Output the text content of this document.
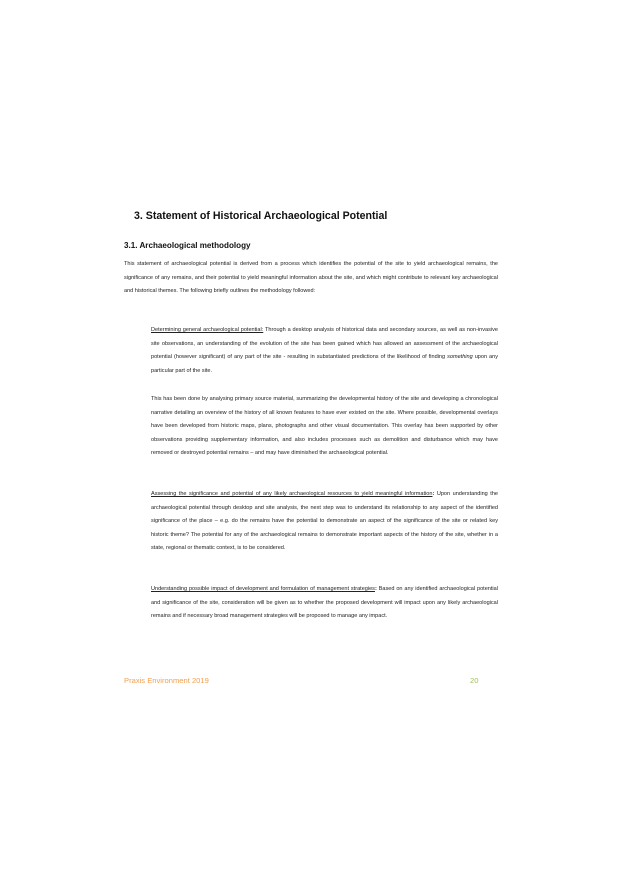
3. Statement of Historical Archaeological Potential
3.1. Archaeological methodology
This statement of archaeological potential is derived from a process which identifies the potential of the site to yield archaeological remains, the significance of any remains, and their potential to yield meaningful information about the site, and which might contribute to relevant key archaeological and historical themes. The following briefly outlines the methodology followed:
Determining general archaeological potential: Through a desktop analysis of historical data and secondary sources, as well as non-invasive site observations, an understanding of the evolution of the site has been gained which has allowed an assessment of the archaeological potential (however significant) of any part of the site - resulting in substantiated predictions of the likelihood of finding something upon any particular part of the site.
This has been done by analysing primary source material, summarizing the developmental history of the site and developing a chronological narrative detailing an overview of the history of all known features to have ever existed on the site. Where possible, developmental overlays have been developed from historic maps, plans, photographs and other visual documentation. This overlay has been supported by other observations providing supplementary information, and also includes processes such as demolition and disturbance which may have removed or destroyed potential remains – and may have diminished the archaeological potential.
Assessing the significance and potential of any likely archaeological resources to yield meaningful information: Upon understanding the archaeological potential through desktop and site analysis, the next step was to understand its relationship to any aspect of the identified significance of the place – e.g. do the remains have the potential to demonstrate an aspect of the significance of the site or related key historic theme? The potential for any of the archaeological remains to demonstrate important aspects of the history of the site, whether in a state, regional or thematic context, is to be considered.
Understanding possible impact of development and formulation of management strategies: Based on any identified archaeological potential and significance of the site, consideration will be given as to whether the proposed development will impact upon any likely archaeological remains and if necessary broad management strategies will be proposed to manage any impact.
Praxis Environment 2019	20
